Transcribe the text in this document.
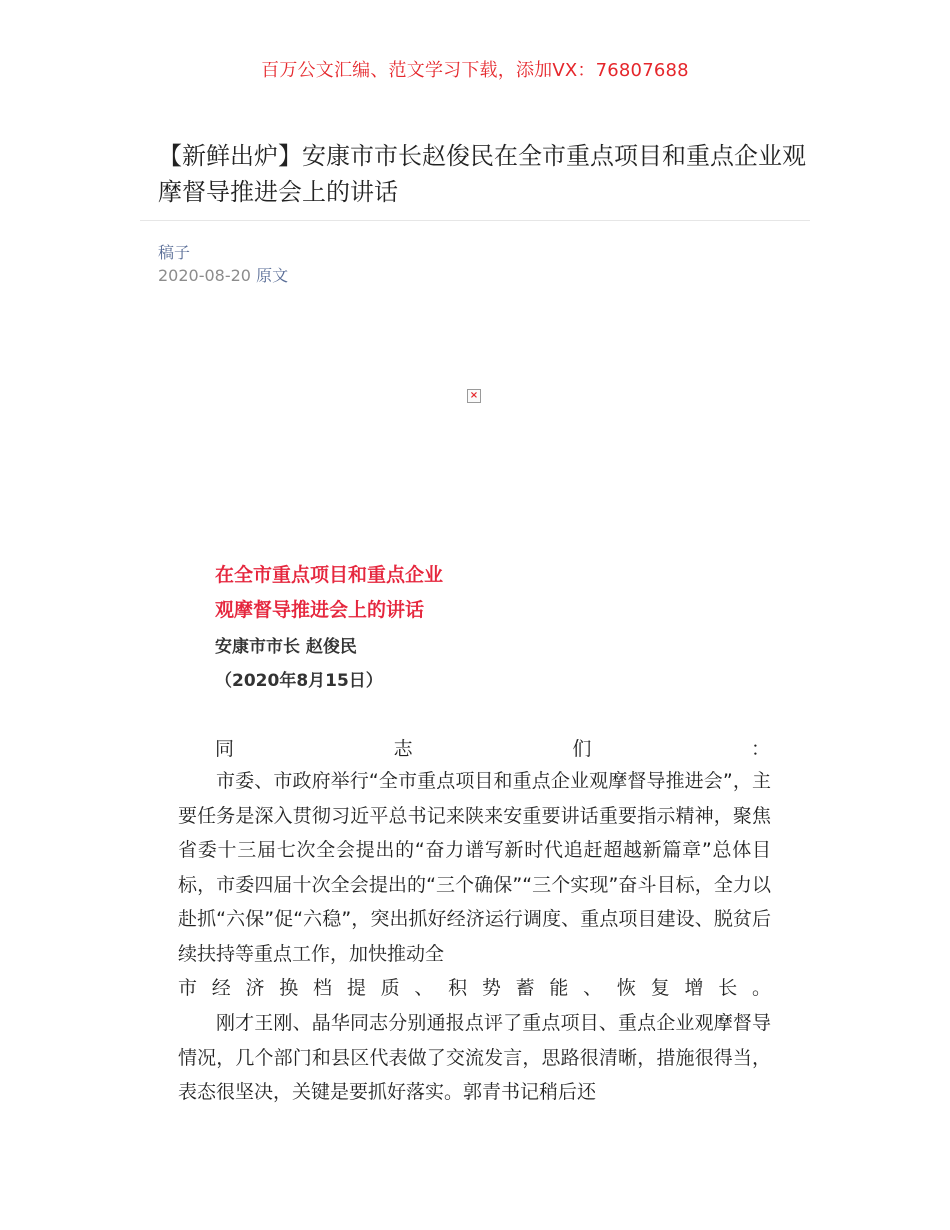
百万公文汇编、范文学习下载，添加VX：76807688
【新鲜出炉】安康市市长赵俊民在全市重点项目和重点企业观摩督导推进会上的讲话
稿子
2020-08-20 原文
×
在全市重点项目和重点企业
观摩督导推进会上的讲话
安康市市长 赵俊民
（2020年8月15日）
同	志	们	：

市委、市政府举行“全市重点项目和重点企业观摩督导推进会”，主要任务是深入贯彻习近平总书记来陕来安重要讲话重要指示精神，聚焦省委十三届七次全会提出的“奋力谱写新时代追赶超越新篇章”总体目标，市委四届十次全会提出的“三个确保”“三个实现”奋斗目标，全力以赴抓“六保”促“六稳”，突出抓好经济运行调度、重点项目建设、脱贫后续扶持等重点工作，加快推动全
市经济换档提质、积势蓄能、恢复增长。

刚才王刚、晶华同志分别通报点评了重点项目、重点企业观摩督导情况，几个部门和县区代表做了交流发言，思路很清晰，措施很得当，表态很坚决，关键是要抓好落实。郭青书记稍后还
